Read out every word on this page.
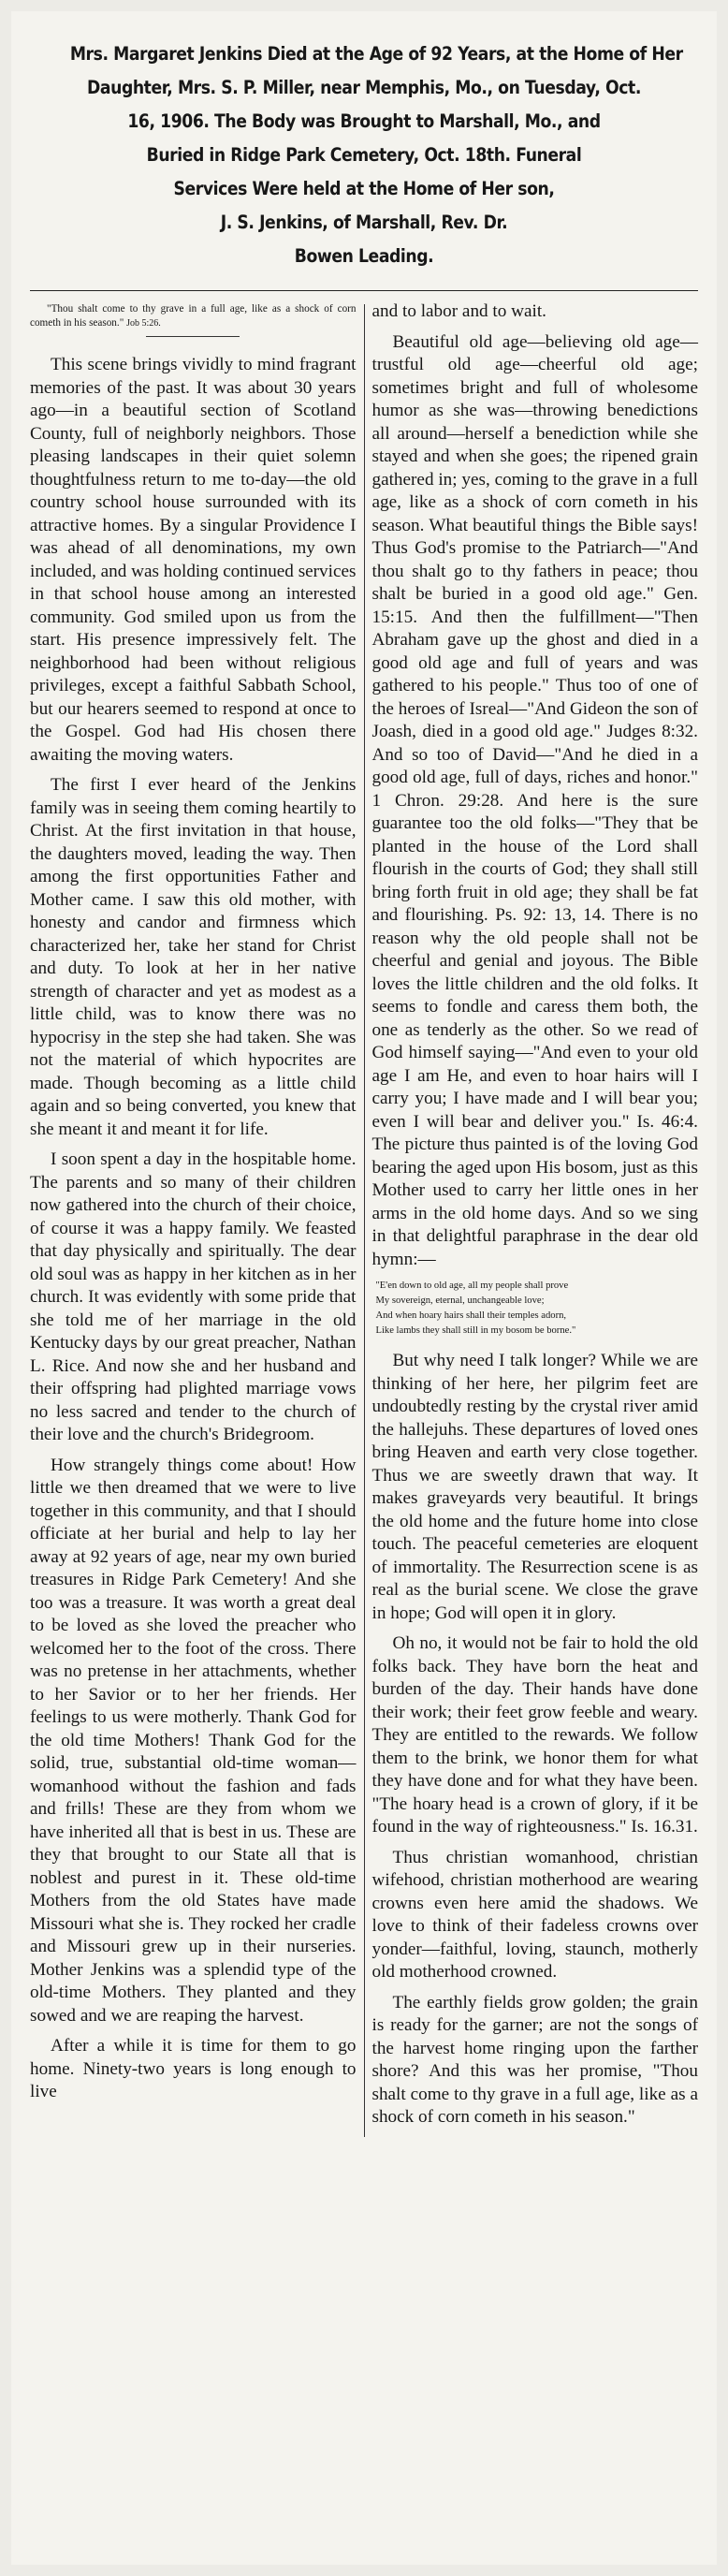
Mrs. Margaret Jenkins Died at the Age of 92 Years, at the Home of Her
Daughter, Mrs. S. P. Miller, near Memphis, Mo., on Tuesday, Oct.
16, 1906. The Body was Brought to Marshall, Mo., and
Buried in Ridge Park Cemetery, Oct. 18th. Funeral
Services Were held at the Home of Her son,
J. S. Jenkins, of Marshall, Rev. Dr.
Bowen Leading.
"Thou shalt come to thy grave in a full age, like as a shock of corn cometh in his season." Job 5:26.

This scene brings vividly to mind fragrant memories of the past. It was about 30 years ago—in a beautiful section of Scotland County, full of neighborly neighbors. Those pleasing landscapes in their quiet solemn thoughtfulness return to me to-day—the old country school house surrounded with its attractive homes. By a singular Providence I was ahead of all denominations, my own included, and was holding continued services in that school house among an interested community. God smiled upon us from the start. His presence impressively felt. The neighborhood had been without religious privileges, except a faithful Sabbath School, but our hearers seemed to respond at once to the Gospel. God had His chosen there awaiting the moving waters.

The first I ever heard of the Jenkins family was in seeing them coming heartily to Christ. At the first invitation in that house, the daughters moved, leading the way. Then among the first opportunities Father and Mother came. I saw this old mother, with honesty and candor and firmness which characterized her, take her stand for Christ and duty. To look at her in her native strength of character and yet as modest as a little child, was to know there was no hypocrisy in the step she had taken. She was not the material of which hypocrites are made. Though becoming as a little child again and so being converted, you knew that she meant it and meant it for life.

I soon spent a day in the hospitable home. The parents and so many of their children now gathered into the church of their choice, of course it was a happy family. We feasted that day physically and spiritually. The dear old soul was as happy in her kitchen as in her church. It was evidently with some pride that she told me of her marriage in the old Kentucky days by our great preacher, Nathan L. Rice. And now she and her husband and their offspring had plighted marriage vows no less sacred and tender to the church of their love and the church's Bridegroom.

How strangely things come about! How little we then dreamed that we were to live together in this community, and that I should officiate at her burial and help to lay her away at 92 years of age, near my own buried treasures in Ridge Park Cemetery! And she too was a treasure. It was worth a great deal to be loved as she loved the preacher who welcomed her to the foot of the cross. There was no pretense in her attachments, whether to her Savior or to her her friends. Her feelings to us were motherly. Thank God for the old time Mothers! Thank God for the solid, true, substantial old-time woman—womanhood without the fashion and fads and frills! These are they from whom we have inherited all that is best in us. These are they that brought to our State all that is noblest and purest in it. These old-time Mothers from the old States have made Missouri what she is. They rocked her cradle and Missouri grew up in their nurseries. Mother Jenkins was a splendid type of the old-time Mothers. They planted and they sowed and we are reaping the harvest.

After a while it is time for them to go home. Ninety-two years is long enough to live

and to labor and to wait.

Beautiful old age—believing old age—trustful old age—cheerful old age; sometimes bright and full of wholesome humor as she was—throwing benedictions all around—herself a benediction while she stayed and when she goes; the ripened grain gathered in; yes, coming to the grave in a full age, like as a shock of corn cometh in his season. What beautiful things the Bible says! Thus God's promise to the Patriarch—"And thou shalt go to thy fathers in peace; thou shalt be buried in a good old age." Gen. 15:15. And then the fulfillment—"Then Abraham gave up the ghost and died in a good old age and full of years and was gathered to his people." Thus too of one of the heroes of Isreal—"And Gideon the son of Joash, died in a good old age." Judges 8:32. And so too of David—"And he died in a good old age, full of days, riches and honor." 1 Chron. 29:28. And here is the sure guarantee too the old folks—"They that be planted in the house of the Lord shall flourish in the courts of God; they shall still bring forth fruit in old age; they shall be fat and flourishing. Ps. 92: 13, 14. There is no reason why the old people shall not be cheerful and genial and joyous. The Bible loves the little children and the old folks. It seems to fondle and caress them both, the one as tenderly as the other. So we read of God himself saying—"And even to your old age I am He, and even to hoar hairs will I carry you; I have made and I will bear you; even I will bear and deliver you." Is. 46:4. The picture thus painted is of the loving God bearing the aged upon His bosom, just as this Mother used to carry her little ones in her arms in the old home days. And so we sing in that delightful paraphrase in the dear old hymn:—

"E'en down to old age, all my people shall prove
My sovereign, eternal, unchangeable love;
And when hoary hairs shall their temples adorn,
Like lambs they shall still in my bosom be borne."

But why need I talk longer? While we are thinking of her here, her pilgrim feet are undoubtedly resting by the crystal river amid the hallejuhs. These departures of loved ones bring Heaven and earth very close together. Thus we are sweetly drawn that way. It makes graveyards very beautiful. It brings the old home and the future home into close touch. The peaceful cemeteries are eloquent of immortality. The Resurrection scene is as real as the burial scene. We close the grave in hope; God will open it in glory.

Oh no, it would not be fair to hold the old folks back. They have born the heat and burden of the day. Their hands have done their work; their feet grow feeble and weary. They are entitled to the rewards. We follow them to the brink, we honor them for what they have done and for what they have been. "The hoary head is a crown of glory, if it be found in the way of righteousness." Is. 16.31.

Thus christian womanhood, christian wifehood, christian motherhood are wearing crowns even here amid the shadows. We love to think of their fadeless crowns over yonder—faithful, loving, staunch, motherly old motherhood crowned.

The earthly fields grow golden; the grain is ready for the garner; are not the songs of the harvest home ringing upon the farther shore? And this was her promise, "Thou shalt come to thy grave in a full age, like as a shock of corn cometh in his season."
